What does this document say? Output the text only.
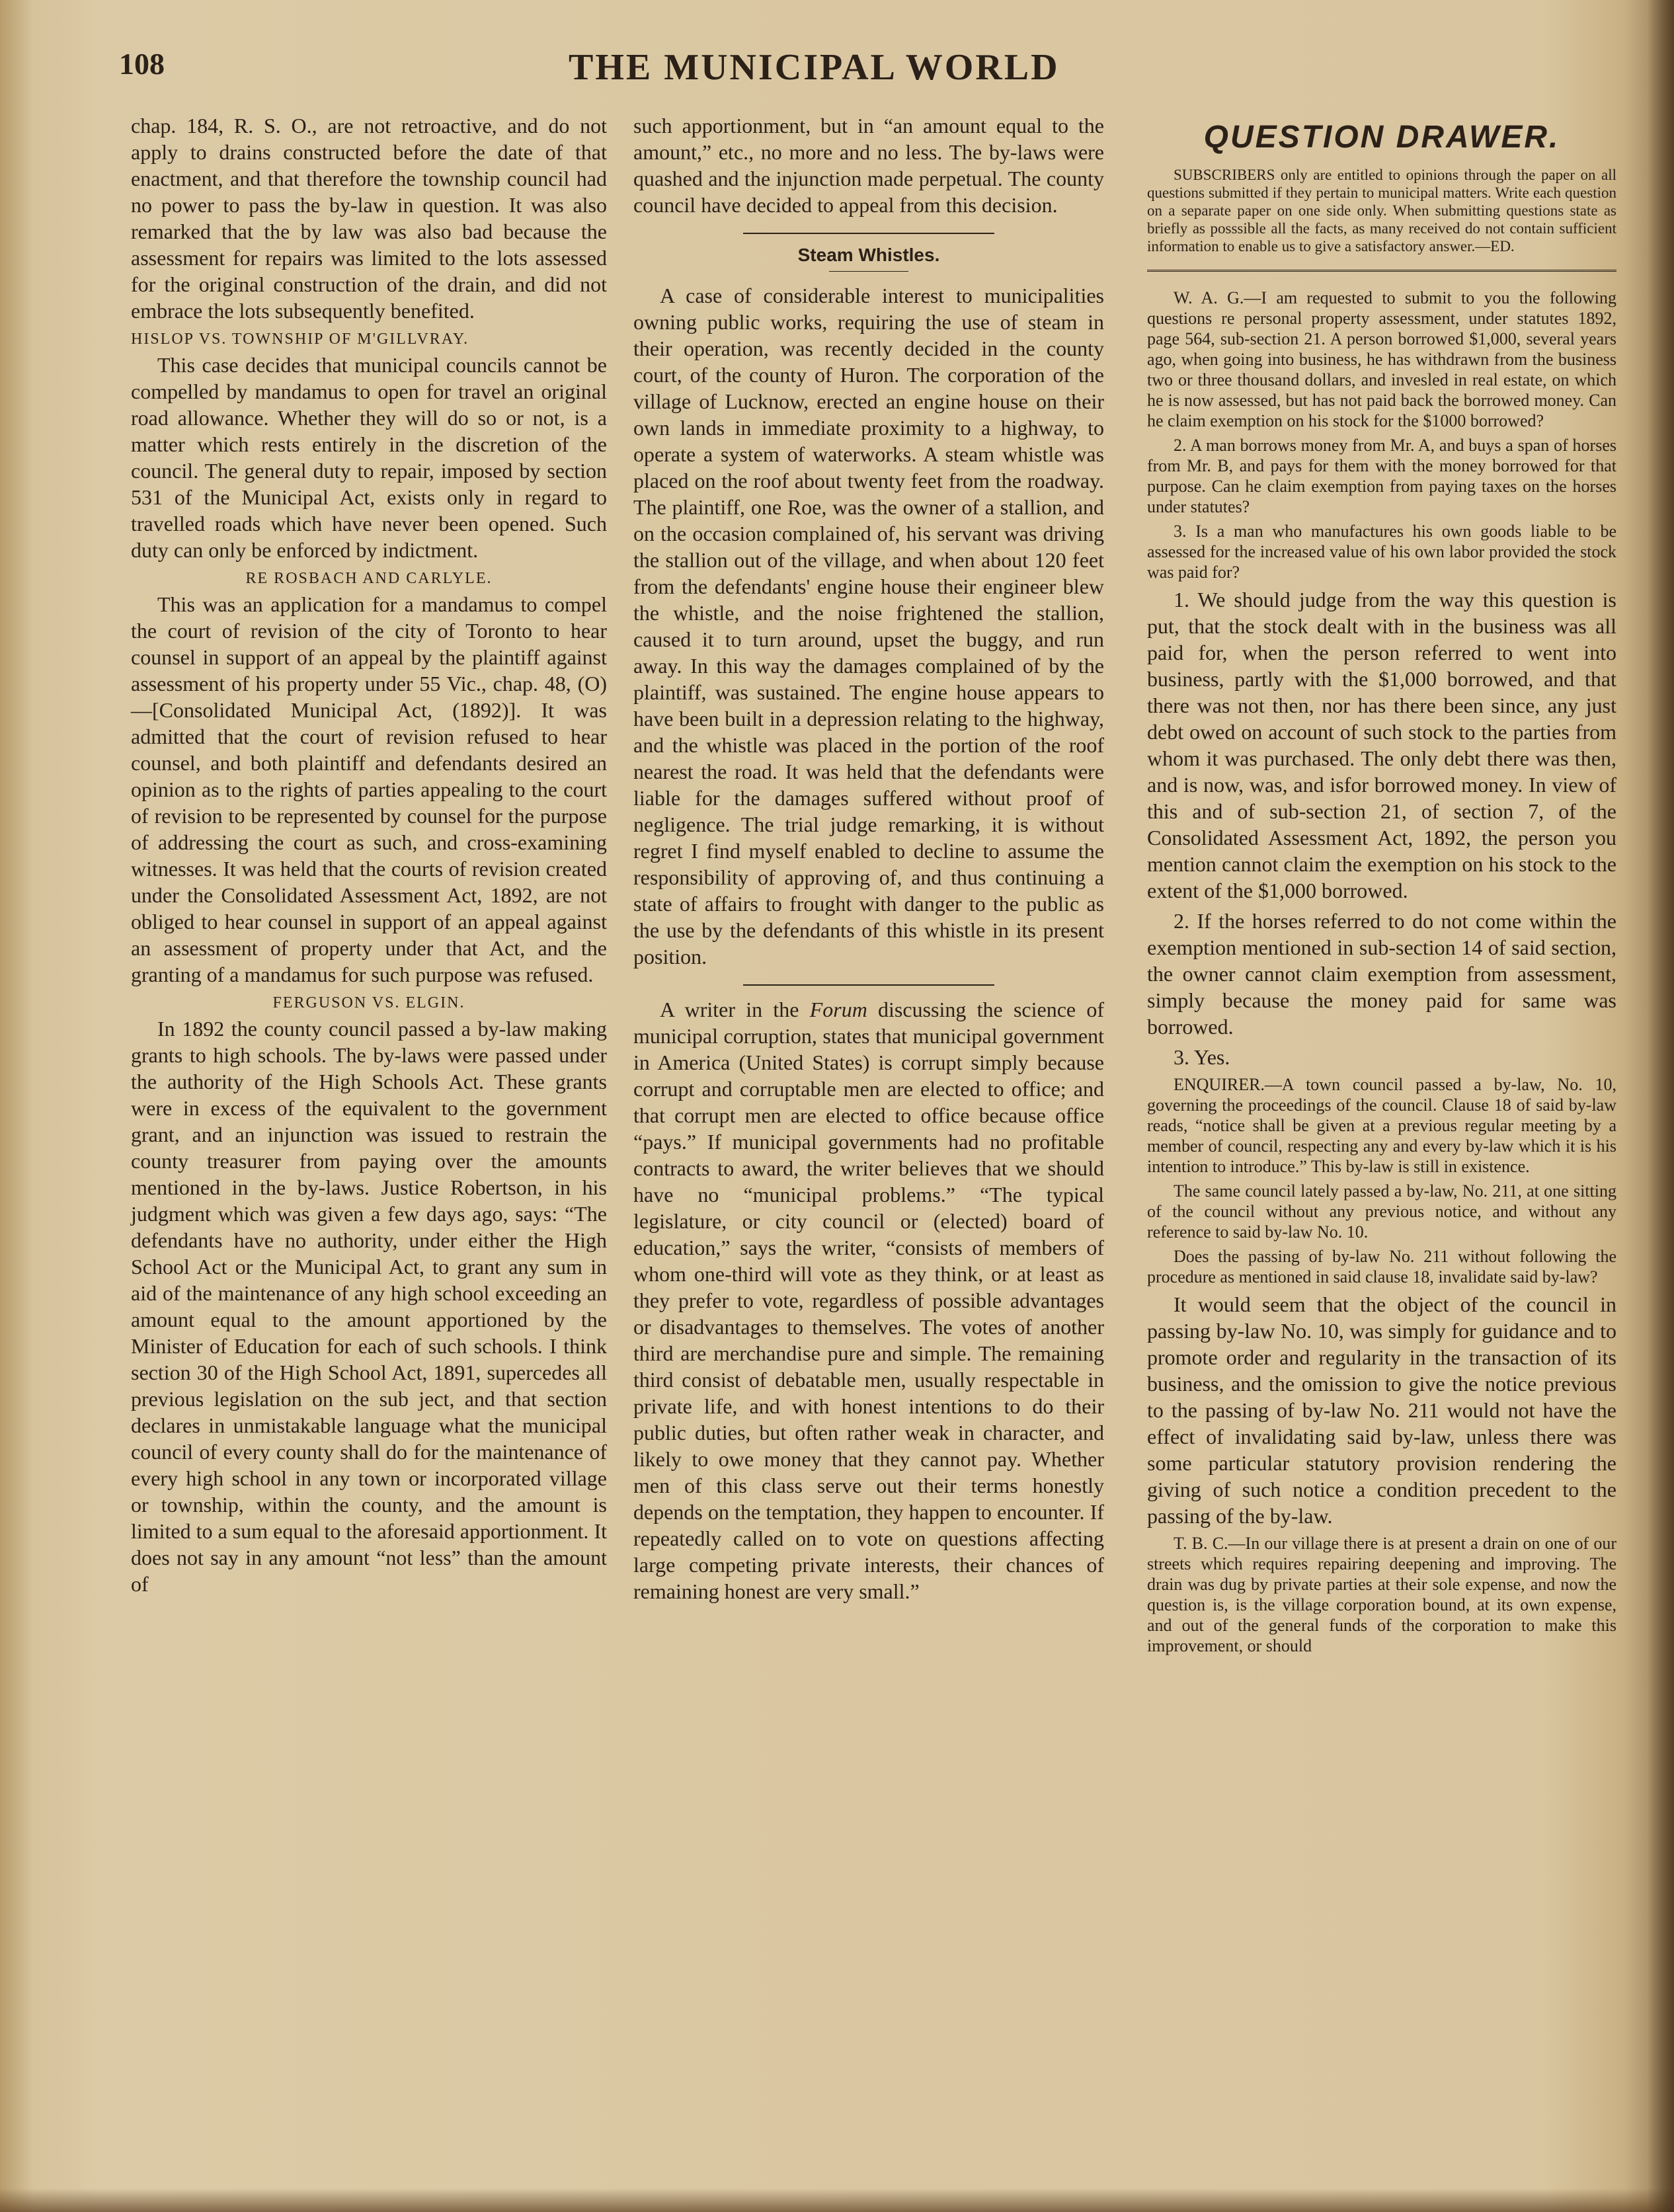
108	THE MUNICIPAL WORLD

chap. 184, R. S. O., are not retroactive, and do not apply to drains constructed before the date of that enactment, and that therefore the township council had no power to pass the by-law in question. It was also remarked that the by law was also bad because the assessment for repairs was limited to the lots assessed for the original construction of the drain, and did not embrace the lots subsequently benefited.

HISLOP VS. TOWNSHIP OF M'GILLVRAY.

This case decides that municipal councils cannot be compelled by mandamus to open for travel an original road allowance. Whether they will do so or not, is a matter which rests entirely in the discretion of the council. The general duty to repair, imposed by section 531 of the Municipal Act, exists only in regard to travelled roads which have never been opened. Such duty can only be enforced by indictment.

RE ROSBACH AND CARLYLE.

This was an application for a mandamus to compel the court of revision of the city of Toronto to hear counsel in support of an appeal by the plaintiff against assessment of his property under 55 Vic., chap. 48, (O)—[Consolidated Municipal Act, (1892)]. It was admitted that the court of revision refused to hear counsel, and both plaintiff and defendants desired an opinion as to the rights of parties appealing to the court of revision to be represented by counsel for the purpose of addressing the court as such, and cross-examining witnesses. It was held that the courts of revision created under the Consolidated Assessment Act, 1892, are not obliged to hear counsel in support of an appeal against an assessment of property under that Act, and the granting of a mandamus for such purpose was refused.

FERGUSON VS. ELGIN.

In 1892 the county council passed a by-law making grants to high schools. The by-laws were passed under the authority of the High Schools Act. These grants were in excess of the equivalent to the government grant, and an injunction was issued to restrain the county treasurer from paying over the amounts mentioned in the by-laws. Justice Robertson, in his judgment which was given a few days ago, says: “The defendants have no authority, under either the High School Act or the Municipal Act, to grant any sum in aid of the maintenance of any high school exceeding an amount equal to the amount apportioned by the Minister of Education for each of such schools. I think section 30 of the High School Act, 1891, supercedes all previous legislation on the sub ject, and that section declares in unmistakable language what the municipal council of every county shall do for the maintenance of every high school in any town or incorporated village or township, within the county, and the amount is limited to a sum equal to the aforesaid apportionment. It does not say in any amount “not less” than the amount of

such apportionment, but in “an amount equal to the amount,” etc., no more and no less. The by-laws were quashed and the injunction made perpetual. The county council have decided to appeal from this decision.

Steam Whistles.

A case of considerable interest to municipalities owning public works, requiring the use of steam in their operation, was recently decided in the county court, of the county of Huron. The corporation of the village of Lucknow, erected an engine house on their own lands in immediate proximity to a highway, to operate a system of waterworks. A steam whistle was placed on the roof about twenty feet from the roadway. The plaintiff, one Roe, was the owner of a stallion, and on the occasion complained of, his servant was driving the stallion out of the village, and when about 120 feet from the defendants' engine house their engineer blew the whistle, and the noise frightened the stallion, caused it to turn around, upset the buggy, and run away. In this way the damages complained of by the plaintiff, was sustained. The engine house appears to have been built in a depression relating to the highway, and the whistle was placed in the portion of the roof nearest the road. It was held that the defendants were liable for the damages suffered without proof of negligence. The trial judge remarking, it is without regret I find myself enabled to decline to assume the responsibility of approving of, and thus continuing a state of affairs to frought with danger to the public as the use by the defendants of this whistle in its present position.

A writer in the Forum discussing the science of municipal corruption, states that municipal government in America (United States) is corrupt simply because corrupt and corruptable men are elected to office; and that corrupt men are elected to office because office “pays.” If municipal governments had no profitable contracts to award, the writer believes that we should have no “municipal problems.” “The typical legislature, or city council or (elected) board of education,” says the writer, “consists of members of whom one-third will vote as they think, or at least as they prefer to vote, regardless of possible advantages or disadvantages to themselves. The votes of another third are merchandise pure and simple. The remaining third consist of debatable men, usually respectable in private life, and with honest intentions to do their public duties, but often rather weak in character, and likely to owe money that they cannot pay. Whether men of this class serve out their terms honestly depends on the temptation, they happen to encounter. If repeatedly called on to vote on questions affecting large competing private interests, their chances of remaining honest are very small.”

QUESTION DRAWER.

SUBSCRIBERS only are entitled to opinions through the paper on all questions submitted if they pertain to municipal matters. Write each question on a separate paper on one side only. When submitting questions state as briefly as posssible all the facts, as many received do not contain sufficient information to enable us to give a satisfactory answer.—ED.

W. A. G.—I am requested to submit to you the following questions re personal property assessment, under statutes 1892, page 564, sub-section 21. A person borrowed $1,000, several years ago, when going into business, he has withdrawn from the business two or three thousand dollars, and invesled in real estate, on which he is now assessed, but has not paid back the borrowed money. Can he claim exemption on his stock for the $1000 borrowed?

2. A man borrows money from Mr. A, and buys a span of horses from Mr. B, and pays for them with the money borrowed for that purpose. Can he claim exemption from paying taxes on the horses under statutes?

3. Is a man who manufactures his own goods liable to be assessed for the increased value of his own labor provided the stock was paid for?

1. We should judge from the way this question is put, that the stock dealt with in the business was all paid for, when the person referred to went into business, partly with the $1,000 borrowed, and that there was not then, nor has there been since, any just debt owed on account of such stock to the parties from whom it was purchased. The only debt there was then, and is now, was, and isfor borrowed money. In view of this and of sub-section 21, of section 7, of the Consolidated Assessment Act, 1892, the person you mention cannot claim the exemption on his stock to the extent of the $1,000 borrowed.

2. If the horses referred to do not come within the exemption mentioned in sub-section 14 of said section, the owner cannot claim exemption from assessment, simply because the money paid for same was borrowed.

3. Yes.

ENQUIRER.—A town council passed a by-law, No. 10, governing the proceedings of the council. Clause 18 of said by-law reads, “notice shall be given at a previous regular meeting by a member of council, respecting any and every by-law which it is his intention to introduce.” This by-law is still in existence.

The same council lately passed a by-law, No. 211, at one sitting of the council without any previous notice, and without any reference to said by-law No. 10.

Does the passing of by-law No. 211 without following the procedure as mentioned in said clause 18, invalidate said by-law?

It would seem that the object of the council in passing by-law No. 10, was simply for guidance and to promote order and regularity in the transaction of its business, and the omission to give the notice previous to the passing of by-law No. 211 would not have the effect of invalidating said by-law, unless there was some particular statutory provision rendering the giving of such notice a condition precedent to the passing of the by-law.

T. B. C.—In our village there is at present a drain on one of our streets which requires repairing deepening and improving. The drain was dug by private parties at their sole expense, and now the question is, is the village corporation bound, at its own expense, and out of the general funds of the corporation to make this improvement, or should
